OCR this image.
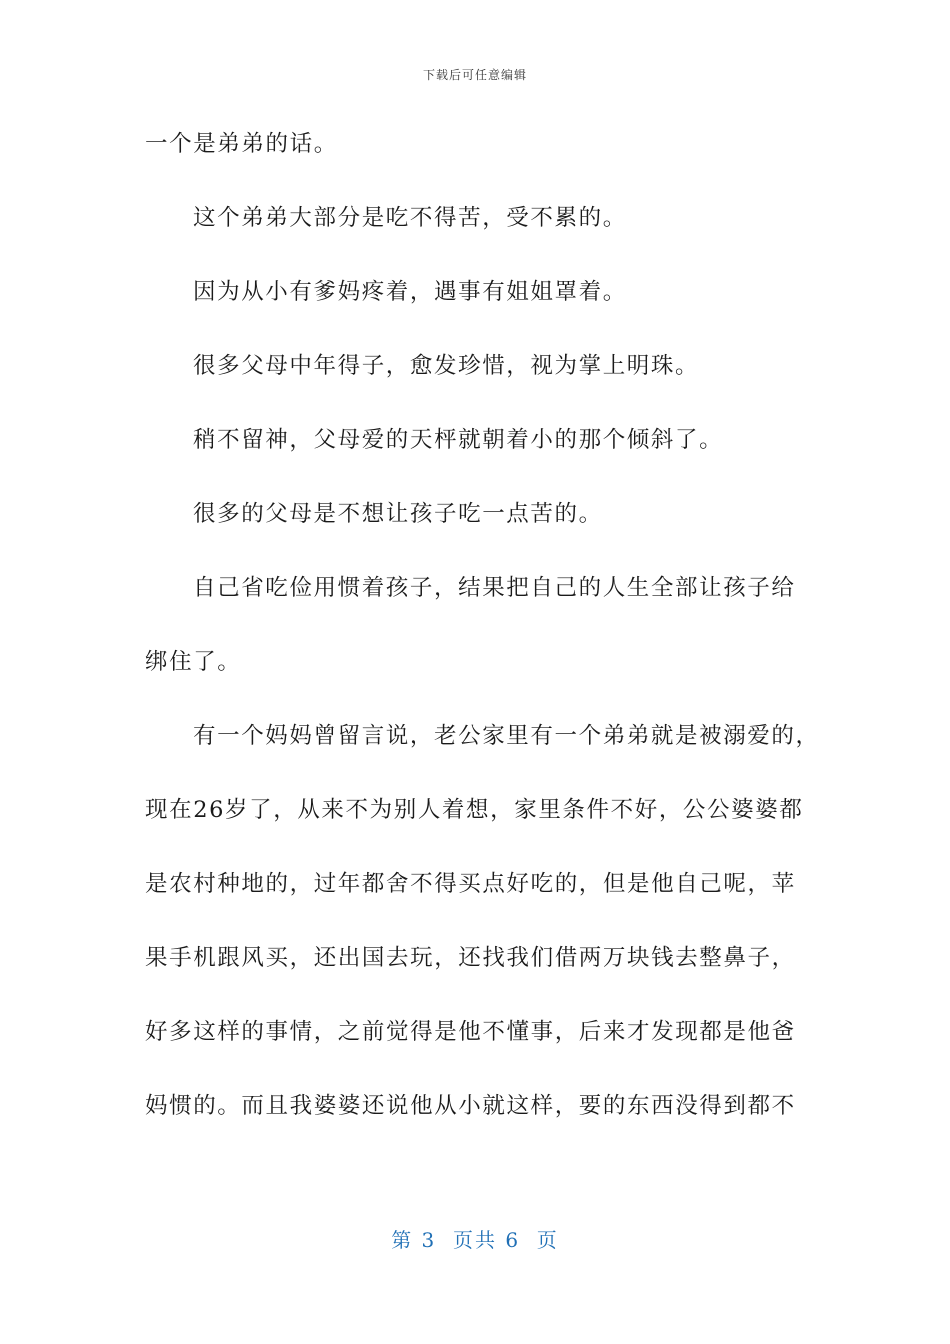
下载后可任意编辑
一个是弟弟的话。
这个弟弟大部分是吃不得苦，受不累的。
因为从小有爹妈疼着，遇事有姐姐罩着。
很多父母中年得子，愈发珍惜，视为掌上明珠。
稍不留神，父母爱的天枰就朝着小的那个倾斜了。
很多的父母是不想让孩子吃一点苦的。
自己省吃俭用惯着孩子，结果把自己的人生全部让孩子给
绑住了。
有一个妈妈曾留言说，老公家里有一个弟弟就是被溺爱的，
现在26岁了，从来不为别人着想，家里条件不好，公公婆婆都
是农村种地的，过年都舍不得买点好吃的，但是他自己呢，苹
果手机跟风买，还出国去玩，还找我们借两万块钱去整鼻子，
好多这样的事情，之前觉得是他不懂事，后来才发现都是他爸
妈惯的。而且我婆婆还说他从小就这样，要的东西没得到都不
第 3  页共 6  页
